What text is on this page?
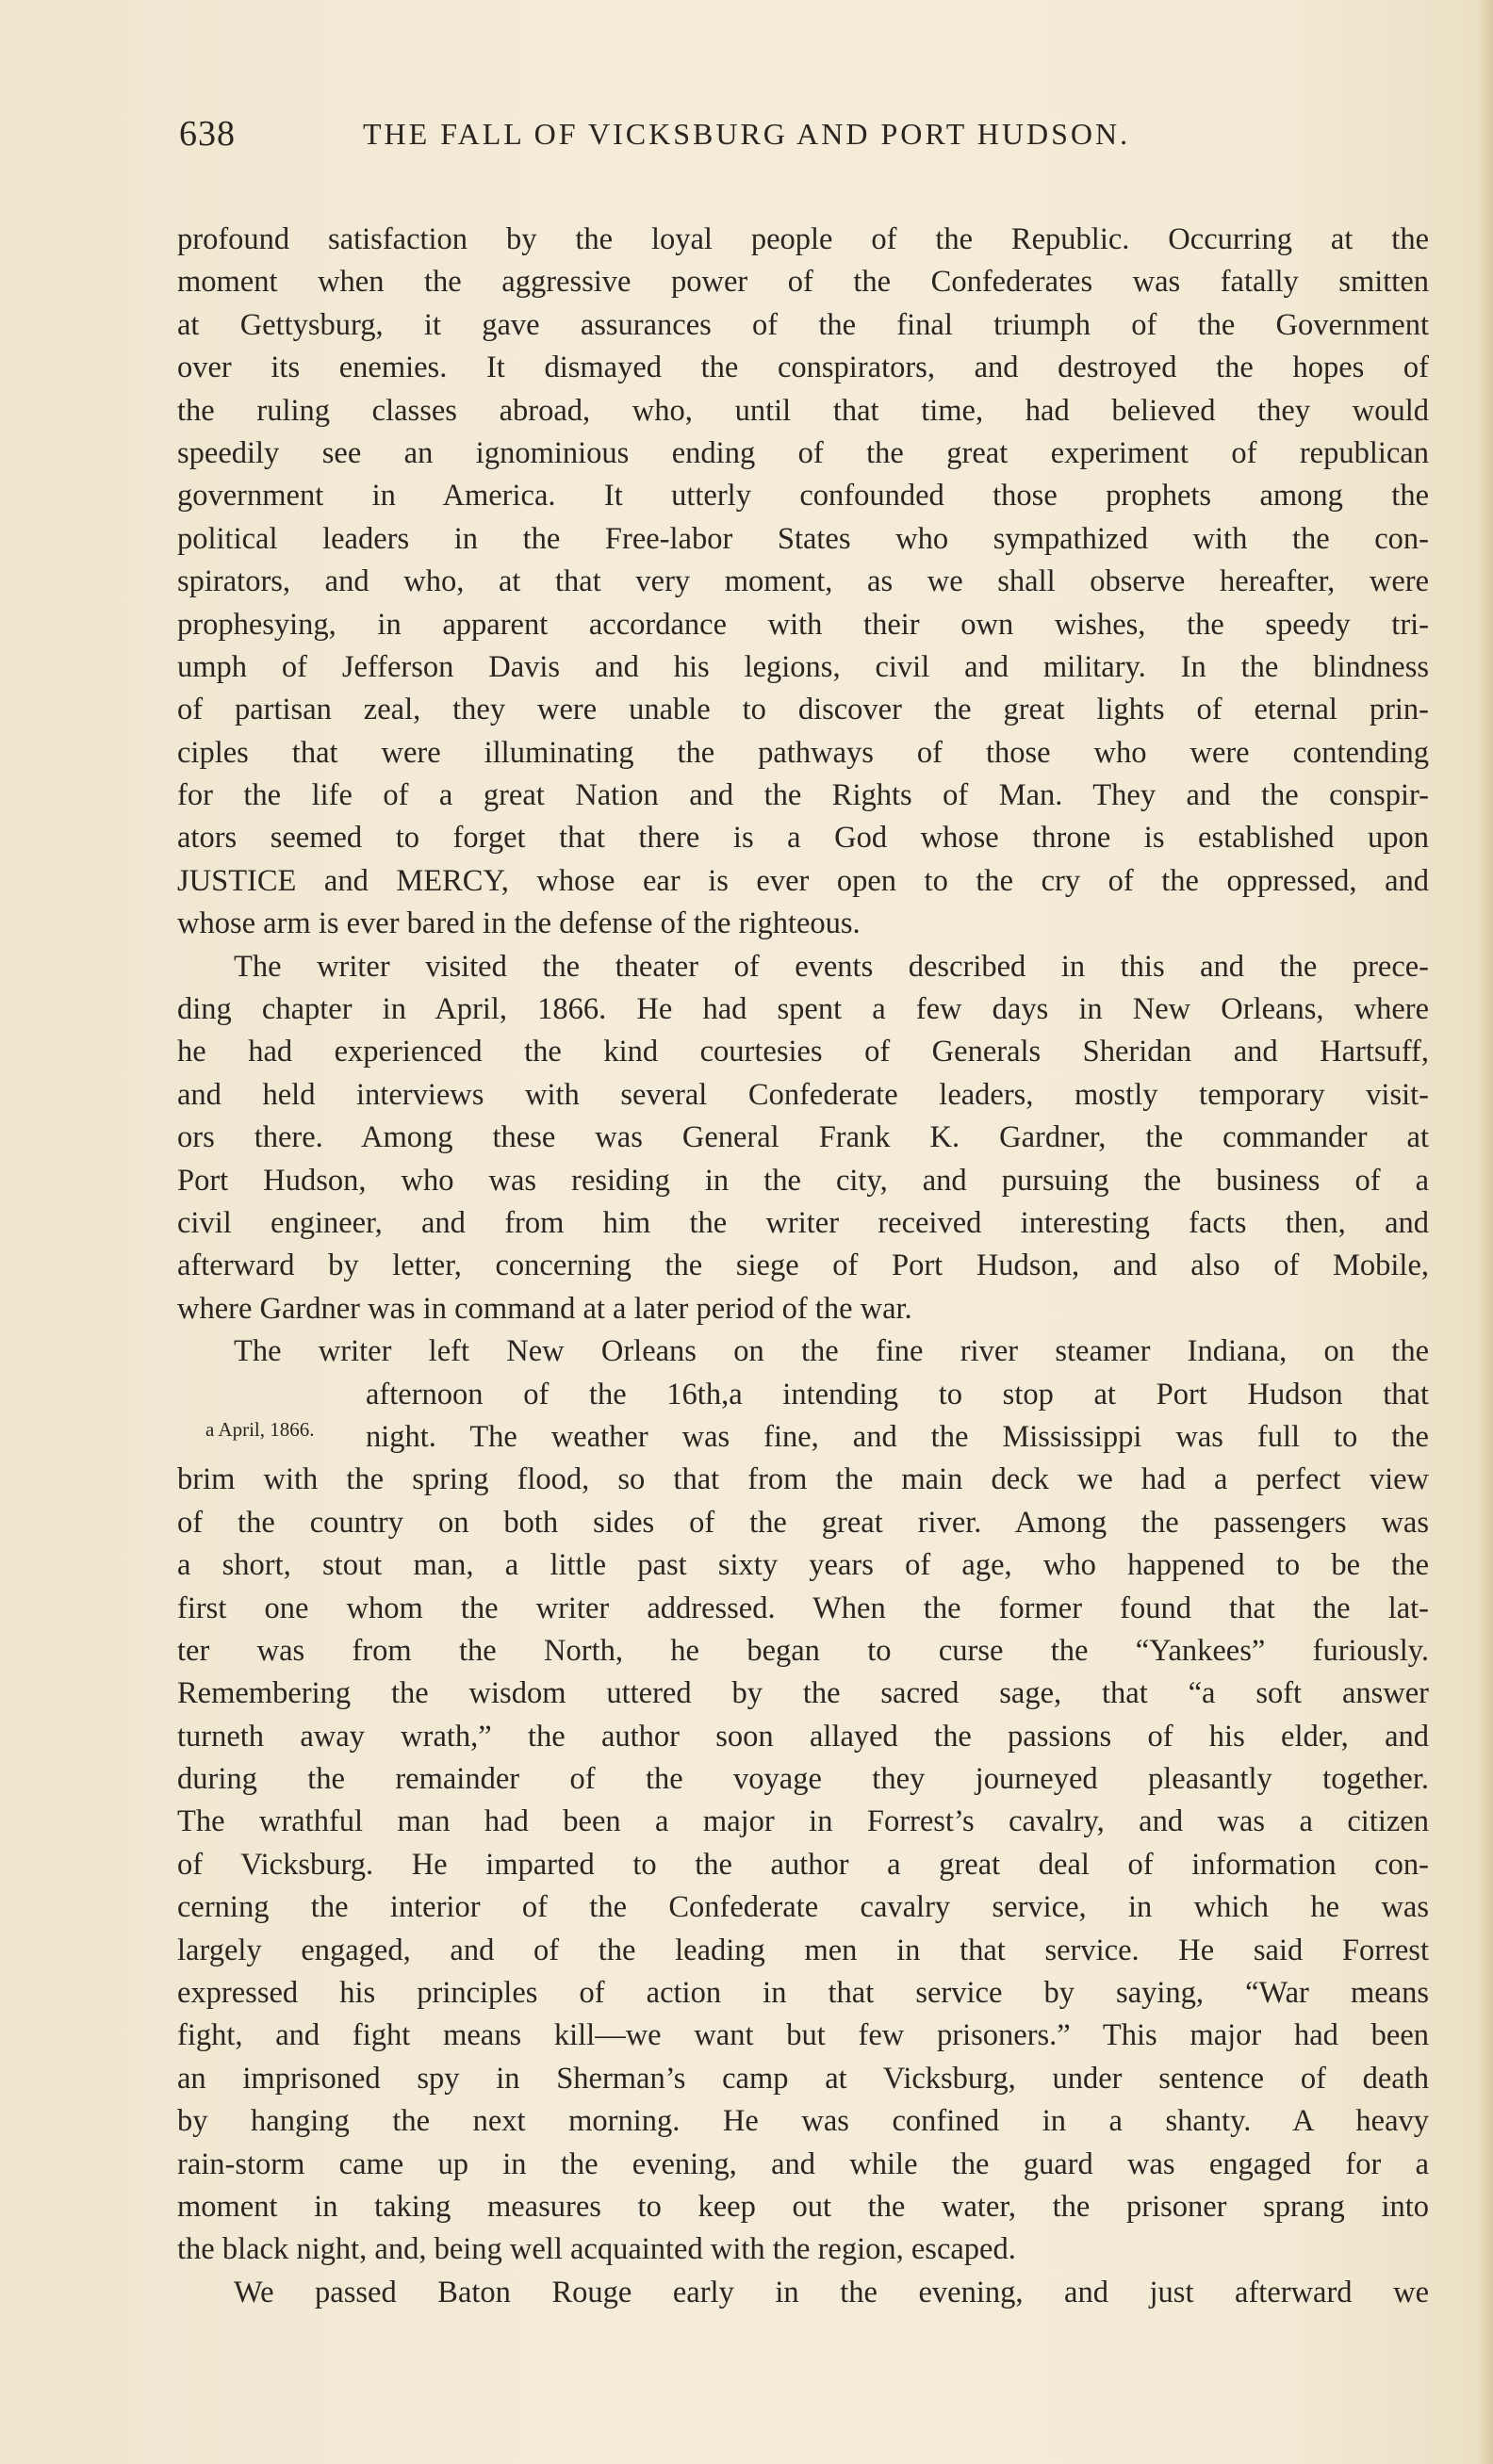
638	THE FALL OF VICKSBURG AND PORT HUDSON.
a April, 1866.
profound satisfaction by the loyal people of the Republic. Occurring at the
moment when the aggressive power of the Confederates was fatally smitten
at Gettysburg, it gave assurances of the final triumph of the Government
over its enemies. It dismayed the conspirators, and destroyed the hopes of
the ruling classes abroad, who, until that time, had believed they would
speedily see an ignominious ending of the great experiment of republican
government in America. It utterly confounded those prophets among the
political leaders in the Free-labor States who sympathized with the con-
spirators, and who, at that very moment, as we shall observe hereafter, were
prophesying, in apparent accordance with their own wishes, the speedy tri-
umph of Jefferson Davis and his legions, civil and military. In the blindness
of partisan zeal, they were unable to discover the great lights of eternal prin-
ciples that were illuminating the pathways of those who were contending
for the life of a great Nation and the Rights of Man. They and the conspir-
ators seemed to forget that there is a God whose throne is established upon
JUSTICE and MERCY, whose ear is ever open to the cry of the oppressed, and
whose arm is ever bared in the defense of the righteous.
The writer visited the theater of events described in this and the prece-
ding chapter in April, 1866. He had spent a few days in New Orleans, where
he had experienced the kind courtesies of Generals Sheridan and Hartsuff,
and held interviews with several Confederate leaders, mostly temporary visit-
ors there. Among these was General Frank K. Gardner, the commander at
Port Hudson, who was residing in the city, and pursuing the business of a
civil engineer, and from him the writer received interesting facts then, and
afterward by letter, concerning the siege of Port Hudson, and also of Mobile,
where Gardner was in command at a later period of the war.
The writer left New Orleans on the fine river steamer Indiana, on the
afternoon of the 16th,a intending to stop at Port Hudson that
night. The weather was fine, and the Mississippi was full to the
brim with the spring flood, so that from the main deck we had a perfect view
of the country on both sides of the great river. Among the passengers was
a short, stout man, a little past sixty years of age, who happened to be the
first one whom the writer addressed. When the former found that the lat-
ter was from the North, he began to curse the “Yankees” furiously.
Remembering the wisdom uttered by the sacred sage, that “a soft answer
turneth away wrath,” the author soon allayed the passions of his elder, and
during the remainder of the voyage they journeyed pleasantly together.
The wrathful man had been a major in Forrest’s cavalry, and was a citizen
of Vicksburg. He imparted to the author a great deal of information con-
cerning the interior of the Confederate cavalry service, in which he was
largely engaged, and of the leading men in that service. He said Forrest
expressed his principles of action in that service by saying, “War means
fight, and fight means kill—we want but few prisoners.” This major had been
an imprisoned spy in Sherman’s camp at Vicksburg, under sentence of death
by hanging the next morning. He was confined in a shanty. A heavy
rain-storm came up in the evening, and while the guard was engaged for a
moment in taking measures to keep out the water, the prisoner sprang into
the black night, and, being well acquainted with the region, escaped.
We passed Baton Rouge early in the evening, and just afterward we
